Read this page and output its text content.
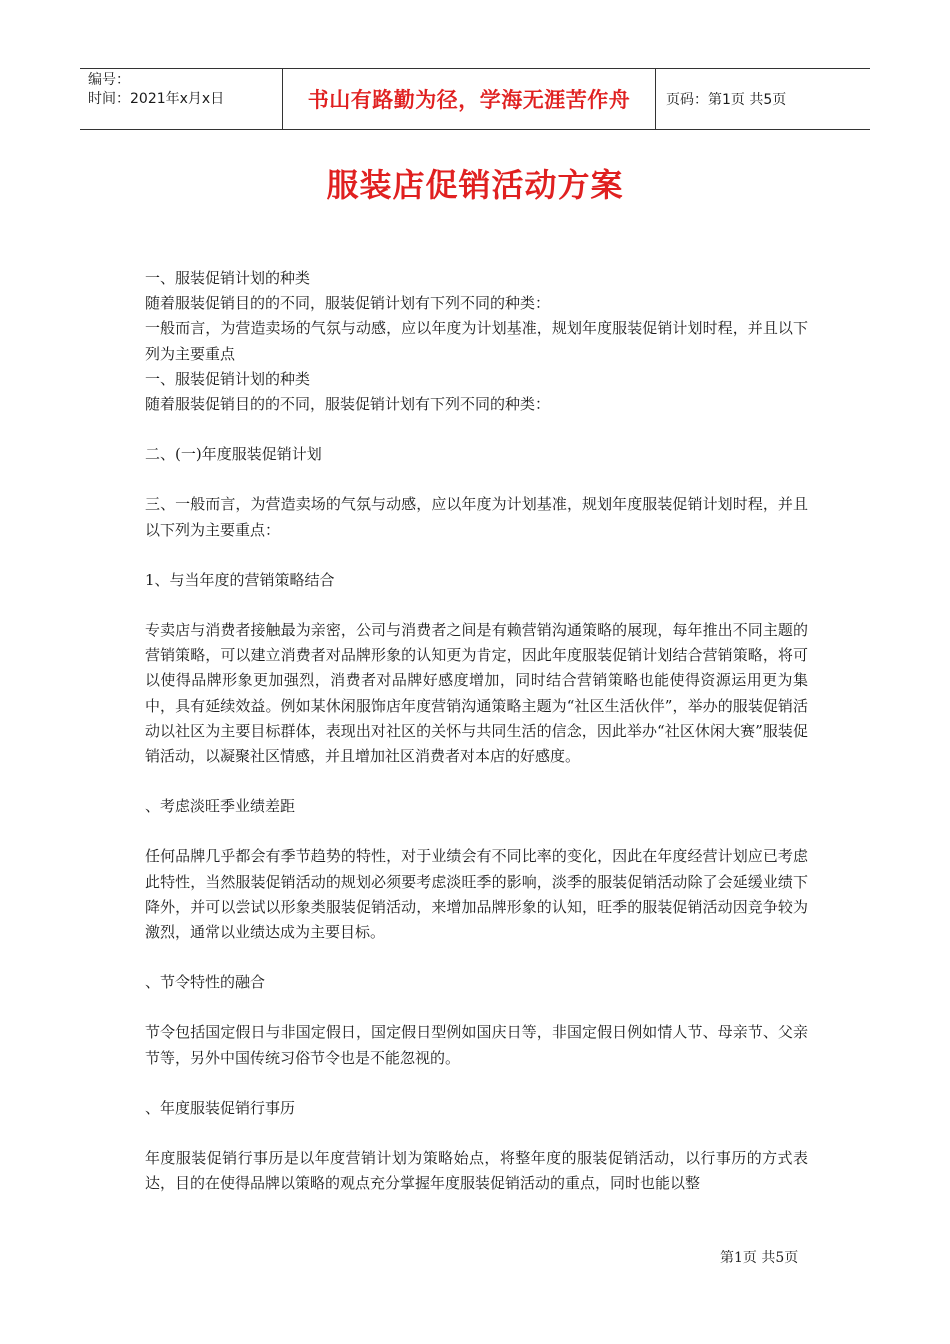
编号：
时间：2021年x月x日	书山有路勤为径，学海无涯苦作舟	页码：第1页 共5页
服装店促销活动方案

一、服装促销计划的种类

随着服装促销目的的不同，服装促销计划有下列不同的种类：

一般而言，为营造卖场的气氛与动感，应以年度为计划基准，规划年度服装促销计划时程，并且以下列为主要重点

一、服装促销计划的种类

随着服装促销目的的不同，服装促销计划有下列不同的种类：

二、(一)年度服装促销计划

三、一般而言，为营造卖场的气氛与动感，应以年度为计划基准，规划年度服装促销计划时程，并且以下列为主要重点：

1、与当年度的营销策略结合

专卖店与消费者接触最为亲密，公司与消费者之间是有赖营销沟通策略的展现，每年推出不同主题的营销策略，可以建立消费者对品牌形象的认知更为肯定，因此年度服装促销计划结合营销策略，将可以使得品牌形象更加强烈，消费者对品牌好感度增加，同时结合营销策略也能使得资源运用更为集中，具有延续效益。例如某休闲服饰店年度营销沟通策略主题为“社区生活伙伴”，举办的服装促销活动以社区为主要目标群体，表现出对社区的关怀与共同生活的信念，因此举办“社区休闲大赛”服装促销活动，以凝聚社区情感，并且增加社区消费者对本店的好感度。

、考虑淡旺季业绩差距

任何品牌几乎都会有季节趋势的特性，对于业绩会有不同比率的变化，因此在年度经营计划应已考虑此特性，当然服装促销活动的规划必须要考虑淡旺季的影响，淡季的服装促销活动除了会延缓业绩下降外，并可以尝试以形象类服装促销活动，来增加品牌形象的认知，旺季的服装促销活动因竞争较为激烈，通常以业绩达成为主要目标。

、节令特性的融合

节令包括国定假日与非国定假日，国定假日型例如国庆日等，非国定假日例如情人节、母亲节、父亲节等，另外中国传统习俗节令也是不能忽视的。

、年度服装促销行事历

年度服装促销行事历是以年度营销计划为策略始点，将整年度的服装促销活动，以行事历的方式表达，目的在使得品牌以策略的观点充分掌握年度服装促销活动的重点，同时也能以整

第1页 共5页
